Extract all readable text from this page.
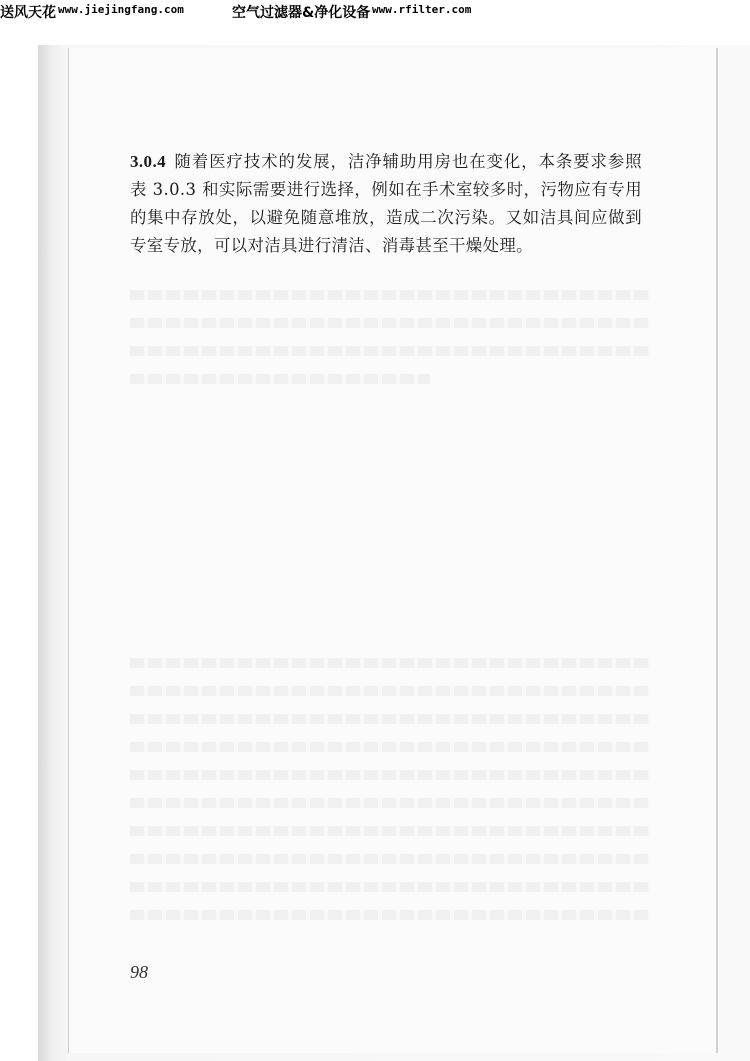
送风天花 www.jiejingfang.com	空气过滤器&净化设备 www.rfilter.com
3.0.4 随着医疗技术的发展，洁净辅助用房也在变化，本条要求参照表 3.0.3 和实际需要进行选择，例如在手术室较多时，污物应有专用的集中存放处，以避免随意堆放，造成二次污染。又如洁具间应做到专室专放，可以对洁具进行清洁、消毒甚至干燥处理。
98
